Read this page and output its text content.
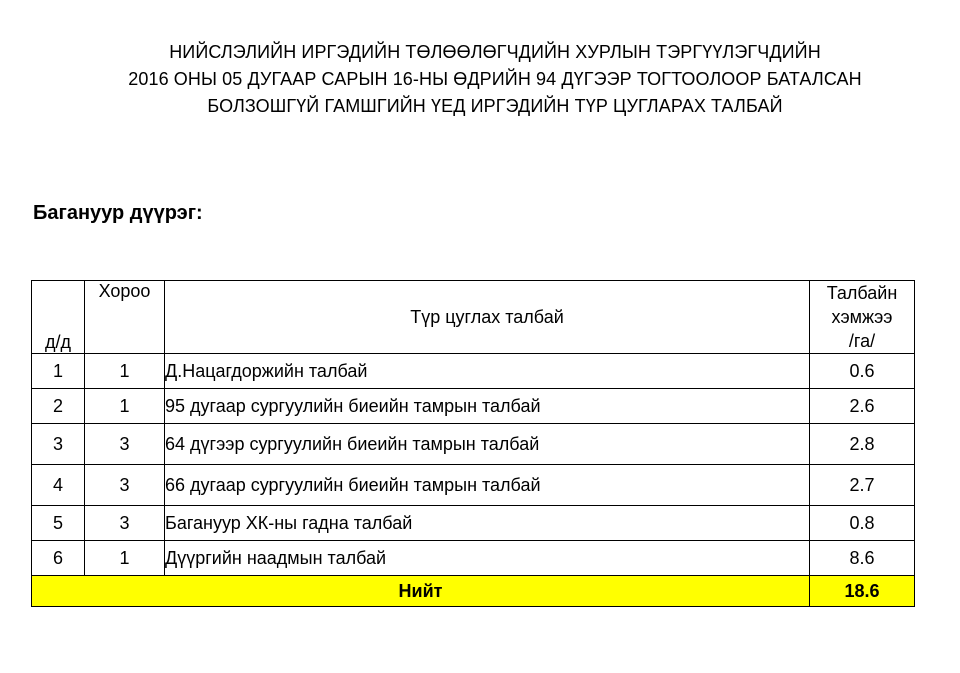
НИЙСЛЭЛИЙН ИРГЭДИЙН ТӨЛӨӨЛӨГЧДИЙН ХУРЛЫН ТЭРГҮҮЛЭГЧДИЙН
2016 ОНЫ 05 ДУГААР САРЫН 16-НЫ ӨДРИЙН 94 ДҮГЭЭР ТОГТООЛООР БАТАЛСАН
БОЛЗОШГҮЙ ГАМШГИЙН ҮЕД ИРГЭДИЙН ТҮР ЦУГЛАРАХ ТАЛБАЙ
Багануур дүүрэг:
д/д	Хороо	Түр цуглах талбай	Талбайн
хэмжээ
/га/

1	1	Д.Нацагдоржийн талбай	0.6
2	1	95 дугаар сургуулийн биеийн тамрын талбай	2.6
3	3	64 дүгээр сургуулийн биеийн тамрын талбай	2.8
4	3	66 дугаар сургуулийн биеийн тамрын талбай	2.7
5	3	Багануур ХК-ны гадна талбай	0.8
6	1	Дүүргийн наадмын талбай	8.6
Нийт			18.6
